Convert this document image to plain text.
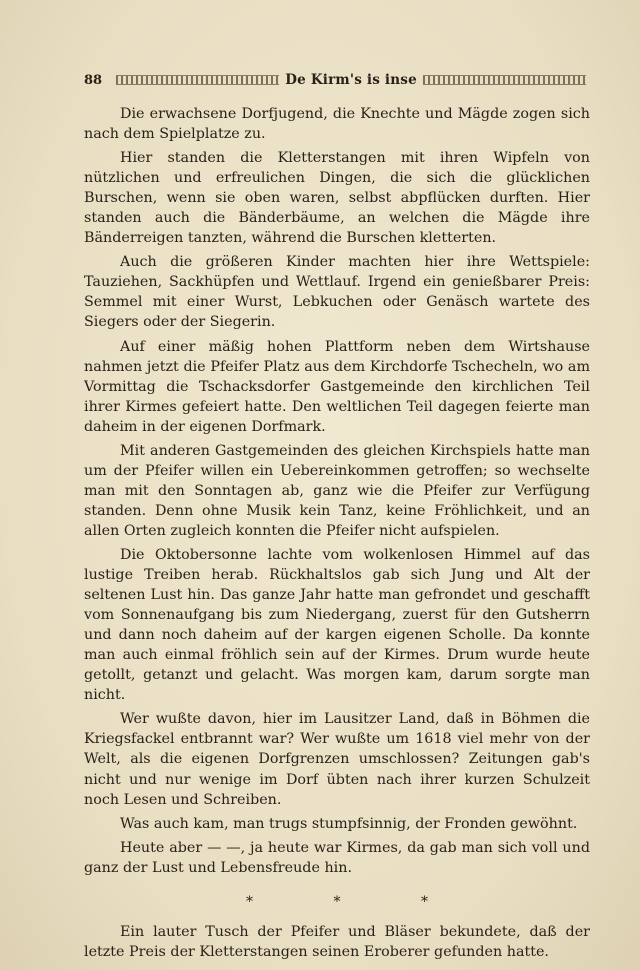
88	De Kirm's is inse

Die erwachsene Dorfjugend, die Knechte und Mägde zogen sich nach dem Spielplatze zu.

Hier standen die Kletterstangen mit ihren Wipfeln von nützlichen und erfreulichen Dingen, die sich die glücklichen Burschen, wenn sie oben waren, selbst abpflücken durften. Hier standen auch die Bänderbäume, an welchen die Mägde ihre Bänderreigen tanzten, während die Burschen kletterten.

Auch die größeren Kinder machten hier ihre Wettspiele: Tauziehen, Sackhüpfen und Wettlauf. Irgend ein genießbarer Preis: Semmel mit einer Wurst, Lebkuchen oder Genäsch wartete des Siegers oder der Siegerin.

Auf einer mäßig hohen Plattform neben dem Wirtshause nahmen jetzt die Pfeifer Platz aus dem Kirchdorfe Tschecheln, wo am Vormittag die Tschacksdorfer Gastgemeinde den kirchlichen Teil ihrer Kirmes gefeiert hatte. Den weltlichen Teil dagegen feierte man daheim in der eigenen Dorfmark.

Mit anderen Gastgemeinden des gleichen Kirchspiels hatte man um der Pfeifer willen ein Uebereinkommen getroffen; so wechselte man mit den Sonntagen ab, ganz wie die Pfeifer zur Verfügung standen. Denn ohne Musik kein Tanz, keine Fröhlichkeit, und an allen Orten zugleich konnten die Pfeifer nicht aufspielen.

Die Oktobersonne lachte vom wolkenlosen Himmel auf das lustige Treiben herab. Rückhaltslos gab sich Jung und Alt der seltenen Lust hin. Das ganze Jahr hatte man gefrondet und geschafft vom Sonnenaufgang bis zum Niedergang, zuerst für den Gutsherrn und dann noch daheim auf der kargen eigenen Scholle. Da konnte man auch einmal fröhlich sein auf der Kirmes. Drum wurde heute getollt, getanzt und gelacht. Was morgen kam, darum sorgte man nicht.

Wer wußte davon, hier im Lausitzer Land, daß in Böhmen die Kriegsfackel entbrannt war? Wer wußte um 1618 viel mehr von der Welt, als die eigenen Dorfgrenzen umschlossen? Zeitungen gab's nicht und nur wenige im Dorf übten nach ihrer kurzen Schulzeit noch Lesen und Schreiben.

Was auch kam, man trugs stumpfsinnig, der Fronden gewöhnt.

Heute aber — —, ja heute war Kirmes, da gab man sich voll und ganz der Lust und Lebensfreude hin.

* * *

Ein lauter Tusch der Pfeifer und Bläser bekundete, daß der letzte Preis der Kletterstangen seinen Eroberer gefunden hatte.
